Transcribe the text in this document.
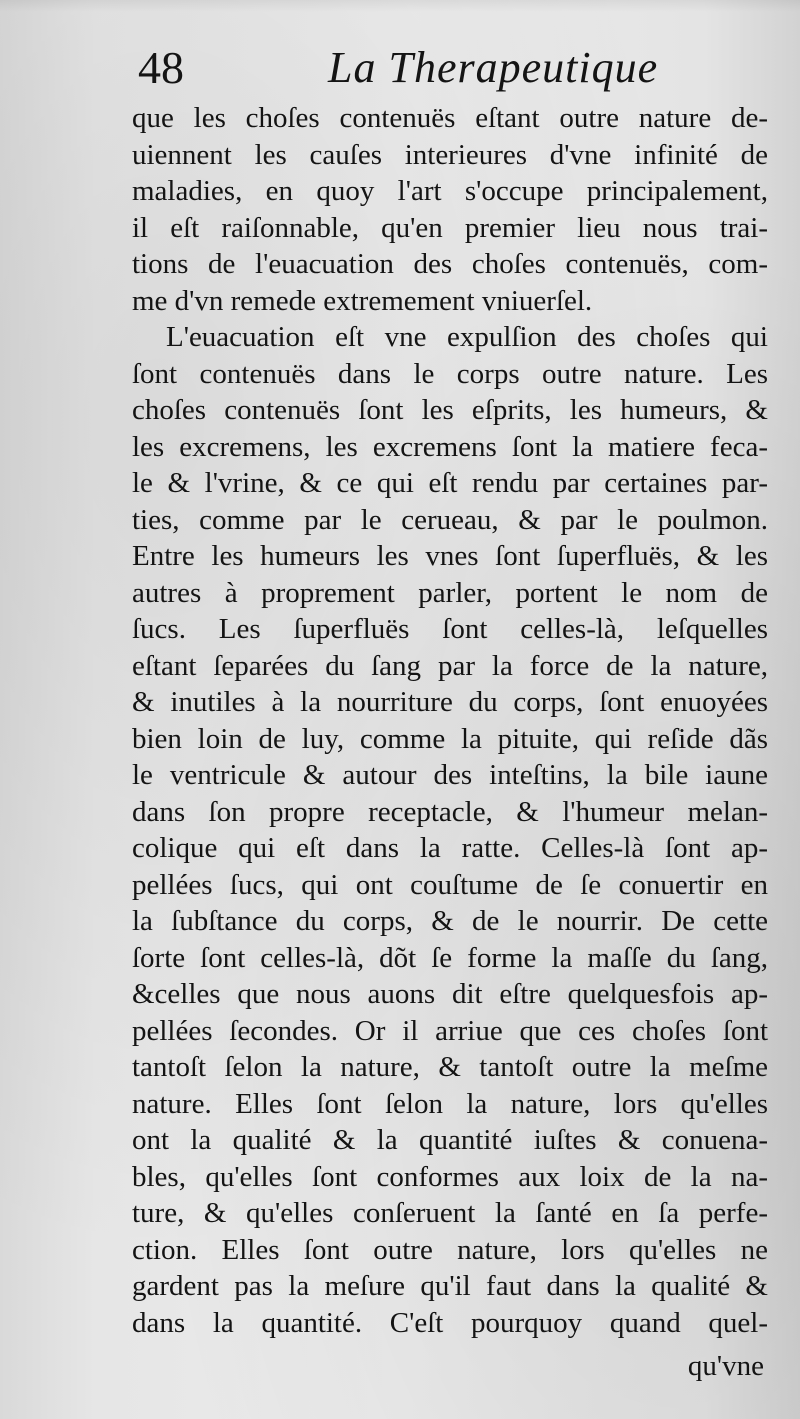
48	La Therapeutique
que les choſes contenuës eſtant outre nature de-
uiennent les cauſes interieures d'vne infinité de
maladies, en quoy l'art s'occupe principalement,
il eſt raiſonnable, qu'en premier lieu nous trai-
tions de l'euacuation des choſes contenuës, com-
me d'vn remede extremement vniuerſel.
L'euacuation eſt vne expulſion des choſes qui
ſont contenuës dans le corps outre nature. Les
choſes contenuës ſont les eſprits, les humeurs, &
les excremens, les excremens ſont la matiere feca-
le & l'vrine, & ce qui eſt rendu par certaines par-
ties, comme par le cerueau, & par le poulmon.
Entre les humeurs les vnes ſont ſuperfluës, & les
autres à proprement parler, portent le nom de
ſucs. Les ſuperfluës ſont celles-là, leſquelles
eſtant ſeparées du ſang par la force de la nature,
& inutiles à la nourriture du corps, ſont enuoyées
bien loin de luy, comme la pituite, qui reſide dãs
le ventricule & autour des inteſtins, la bile iaune
dans ſon propre receptacle, & l'humeur melan-
colique qui eſt dans la ratte. Celles-là ſont ap-
pellées ſucs, qui ont couſtume de ſe conuertir en
la ſubſtance du corps, & de le nourrir. De cette
ſorte ſont celles-là, dõt ſe forme la maſſe du ſang,
&celles que nous auons dit eſtre quelquesfois ap-
pellées ſecondes. Or il arriue que ces choſes ſont
tantoſt ſelon la nature, & tantoſt outre la meſme
nature. Elles ſont ſelon la nature, lors qu'elles
ont la qualité & la quantité iuſtes & conuena-
bles, qu'elles ſont conformes aux loix de la na-
ture, & qu'elles conſeruent la ſanté en ſa perfe-
ction. Elles ſont outre nature, lors qu'elles ne
gardent pas la meſure qu'il faut dans la qualité &
dans la quantité. C'eſt pourquoy quand quel-
qu'vne
